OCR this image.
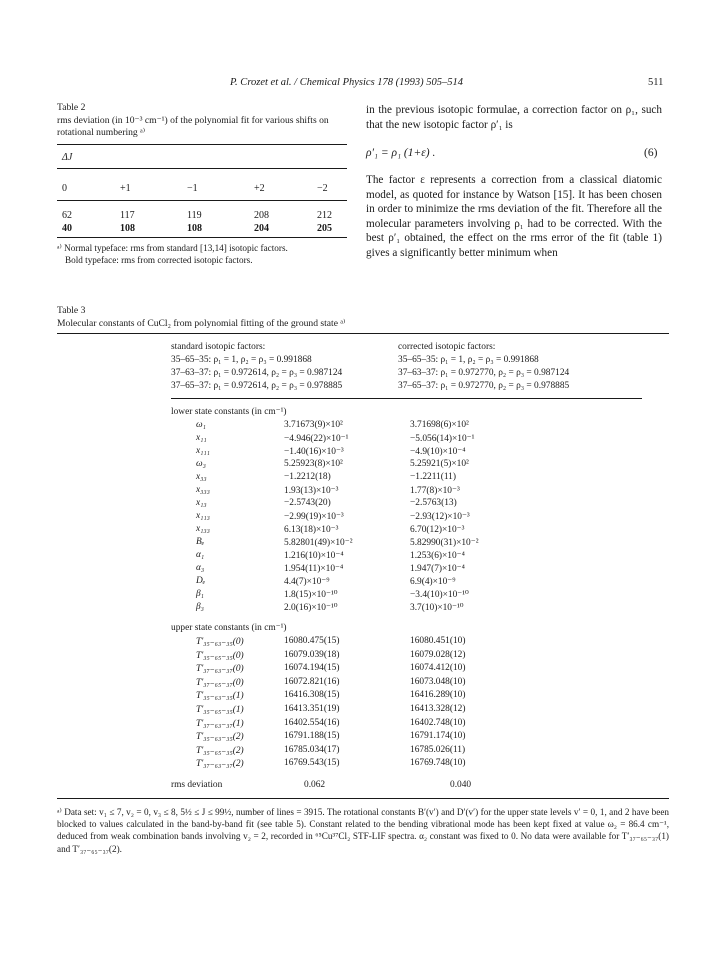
P. Crozet et al. / Chemical Physics 178 (1993) 505–514	511
Table 2
rms deviation (in 10⁻³ cm⁻¹) of the polynomial fit for various shifts on rotational numbering ᵃ⁾
ΔJ
0	+1	−1	+2	−2
62	117	119	208	212
40	108	108	204	205
ᵃ⁾ Normal typeface: rms from standard [13,14] isotopic factors.
Bold typeface: rms from corrected isotopic factors.
in the previous isotopic formulae, a correction factor on ρ₁, such that the new isotopic factor ρ′₁ is
ρ′₁ = ρ₁ (1+ε) .	(6)
The factor ε represents a correction from a classical diatomic model, as quoted for instance by Watson [15]. It has been chosen in order to minimize the rms deviation of the fit. Therefore all the molecular parameters involving ρ₁ had to be corrected. With the best ρ′₁ obtained, the effect on the rms error of the fit (table 1) gives a significantly better minimum when
Table 3
Molecular constants of CuCl₂ from polynomial fitting of the ground state ᵃ⁾
standard isotopic factors:
35–65–35: ρ₁ = 1, ρ₂ = ρ₃ = 0.991868
37–63–37: ρ₁ = 0.972614, ρ₂ = ρ₃ = 0.987124
37–65–37: ρ₁ = 0.972614, ρ₂ = ρ₃ = 0.978885
corrected isotopic factors:
35–65–35: ρ₁ = 1, ρ₂ = ρ₃ = 0.991868
37–63–37: ρ₁ = 0.972770, ρ₂ = ρ₃ = 0.987124
37–65–37: ρ₁ = 0.972770, ρ₂ = ρ₃ = 0.978885
lower state constants (in cm⁻¹)
ω₁	3.71673(9)×10²	3.71698(6)×10²
x₁₁	−4.946(22)×10⁻¹	−5.056(14)×10⁻¹
x₁₁₁	−1.40(16)×10⁻³	−4.9(10)×10⁻⁴
ω₃	5.25923(8)×10²	5.25921(5)×10²
x₃₃	−1.2212(18)	−1.2211(11)
x₃₃₃	1.93(13)×10⁻³	1.77(8)×10⁻³
x₁₃	−2.5743(20)	−2.5763(13)
x₁₁₃	−2.99(19)×10⁻³	−2.93(12)×10⁻³
x₁₃₃	6.13(18)×10⁻³	6.70(12)×10⁻³
Bₑ	5.82801(49)×10⁻²	5.82990(31)×10⁻²
α₁	1.216(10)×10⁻⁴	1.253(6)×10⁻⁴
α₃	1.954(11)×10⁻⁴	1.947(7)×10⁻⁴
Dₑ	4.4(7)×10⁻⁹	6.9(4)×10⁻⁹
β₁	1.8(15)×10⁻¹⁰	−3.4(10)×10⁻¹⁰
β₃	2.0(16)×10⁻¹⁰	3.7(10)×10⁻¹⁰
upper state constants (in cm⁻¹)
T′₃₅₋₆₃₋₃₅(0)	16080.475(15)	16080.451(10)
T′₃₅₋₆₅₋₃₅(0)	16079.039(18)	16079.028(12)
T′₃₇₋₆₃₋₃₇(0)	16074.194(15)	16074.412(10)
T′₃₇₋₆₅₋₃₇(0)	16072.821(16)	16073.048(10)
T′₃₅₋₆₃₋₃₅(1)	16416.308(15)	16416.289(10)
T′₃₅₋₆₅₋₃₅(1)	16413.351(19)	16413.328(12)
T′₃₇₋₆₃₋₃₇(1)	16402.554(16)	16402.748(10)
T′₃₅₋₆₃₋₃₅(2)	16791.188(15)	16791.174(10)
T′₃₅₋₆₅₋₃₅(2)	16785.034(17)	16785.026(11)
T′₃₇₋₆₃₋₃₇(2)	16769.543(15)	16769.748(10)
rms deviation	0.062	0.040
ᵃ⁾ Data set: v₁ ≤ 7, v₂ = 0, v₃ ≤ 8, 5½ ≤ J ≤ 99½, number of lines = 3915. The rotational constants B′(v′) and D′(v′) for the upper state levels v′ = 0, 1, and 2 have been blocked to values calculated in the band-by-band fit (see table 5). Constant related to the bending vibrational mode has been kept fixed at value ω₂ = 86.4 cm⁻¹, deduced from weak combination bands involving v₂ = 2, recorded in ⁶⁵Cu³⁷Cl₂ STF-LIF spectra. α₂ constant was fixed to 0. No data were available for T′₃₇₋₆₅₋₃₇(1) and T′₃₇₋₆₅₋₃₇(2).
